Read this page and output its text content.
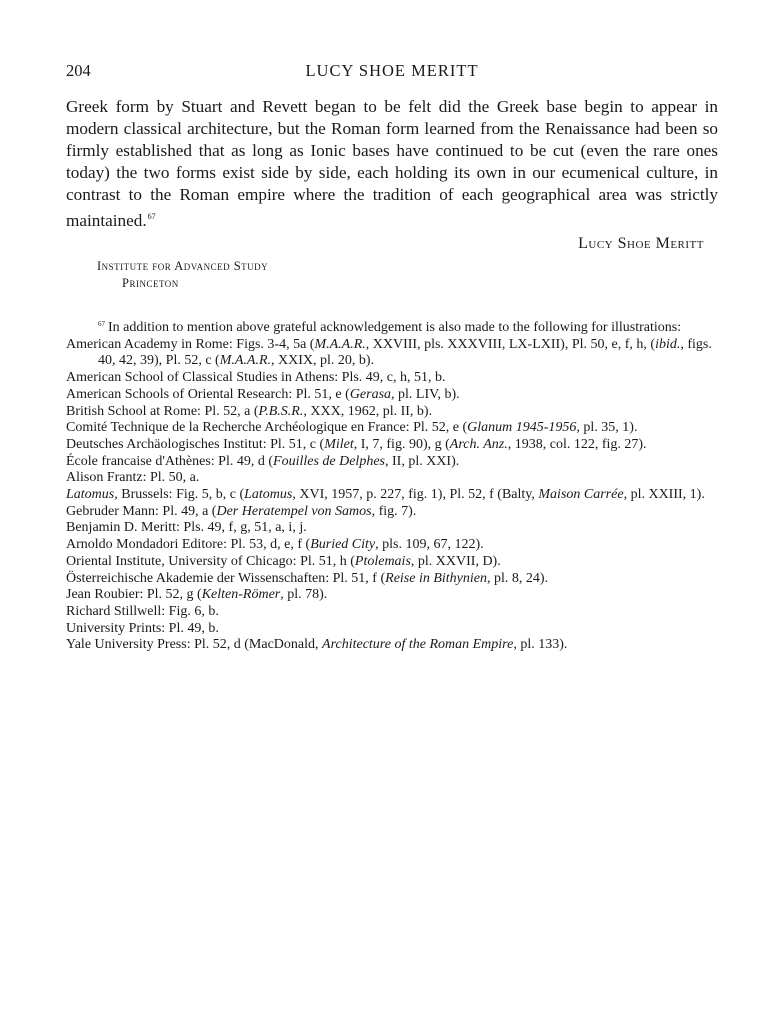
204	LUCY SHOE MERITT

Greek form by Stuart and Revett began to be felt did the Greek base begin to appear in modern classical architecture, but the Roman form learned from the Renaissance had been so firmly established that as long as Ionic bases have continued to be cut (even the rare ones today) the two forms exist side by side, each holding its own in our ecumenical culture, in contrast to the Roman empire where the tradition of each geographical area was strictly maintained.$^{67}$

Lucy Shoe Meritt
Institute for Advanced Study
Princeton
$^{67}$ In addition to mention above grateful acknowledgement is also made to the following for illustrations:
American Academy in Rome: Figs. 3-4, 5a (M.A.A.R., XXVIII, pls. XXXVIII, LX-LXII), Pl. 50, e, f, h, (ibid., figs. 40, 42, 39), Pl. 52, c (M.A.A.R., XXIX, pl. 20, b).
American School of Classical Studies in Athens: Pls. 49, c, h, 51, b.
American Schools of Oriental Research: Pl. 51, e (Gerasa, pl. LIV, b).
British School at Rome: Pl. 52, a (P.B.S.R., XXX, 1962, pl. II, b).
Comité Technique de la Recherche Archéologique en France: Pl. 52, e (Glanum 1945-1956, pl. 35, 1).
Deutsches Archäologisches Institut: Pl. 51, c (Milet, I, 7, fig. 90), g (Arch. Anz., 1938, col. 122, fig. 27).
École francaise d'Athènes: Pl. 49, d (Fouilles de Delphes, II, pl. XXI).
Alison Frantz: Pl. 50, a.
Latomus, Brussels: Fig. 5, b, c (Latomus, XVI, 1957, p. 227, fig. 1), Pl. 52, f (Balty, Maison Carrée, pl. XXIII, 1).
Gebruder Mann: Pl. 49, a (Der Heratempel von Samos, fig. 7).
Benjamin D. Meritt: Pls. 49, f, g, 51, a, i, j.
Arnoldo Mondadori Editore: Pl. 53, d, e, f (Buried City, pls. 109, 67, 122).
Oriental Institute, University of Chicago: Pl. 51, h (Ptolemais, pl. XXVII, D).
Österreichische Akademie der Wissenschaften: Pl. 51, f (Reise in Bithynien, pl. 8, 24).
Jean Roubier: Pl. 52, g (Kelten-Römer, pl. 78).
Richard Stillwell: Fig. 6, b.
University Prints: Pl. 49, b.
Yale University Press: Pl. 52, d (MacDonald, Architecture of the Roman Empire, pl. 133).
